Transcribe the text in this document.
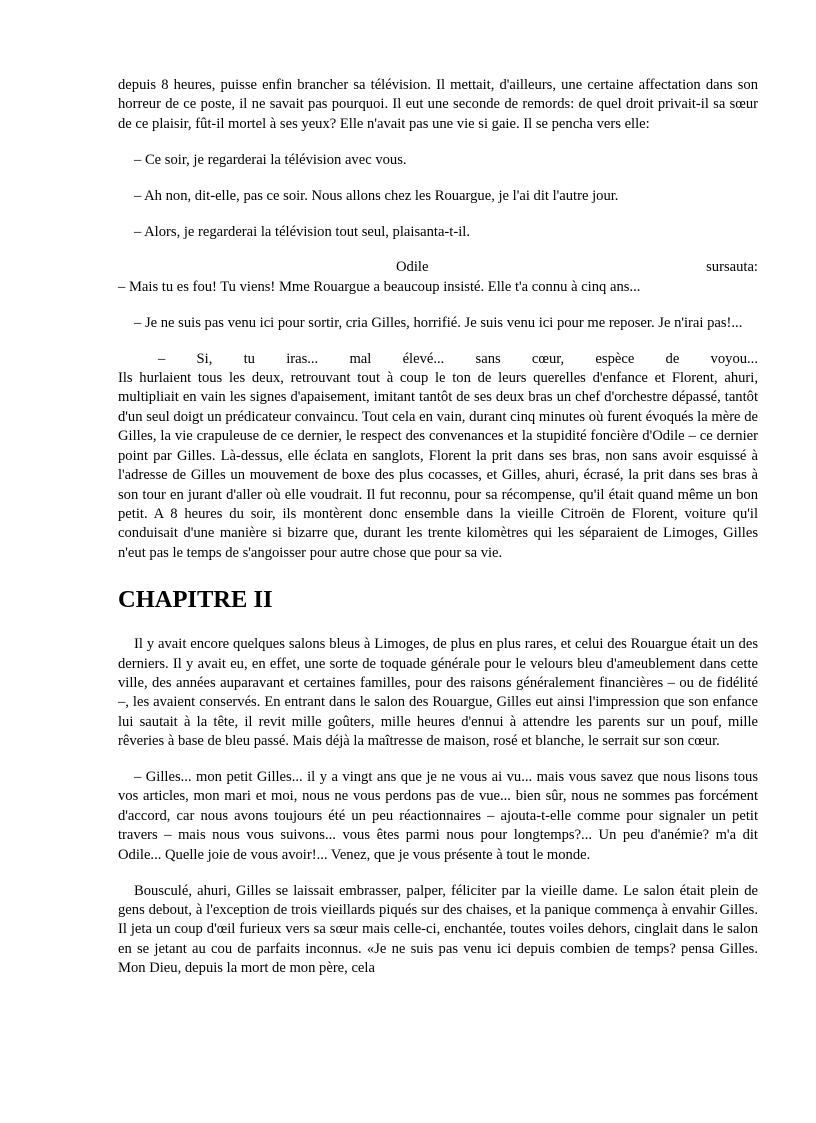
depuis 8 heures, puisse enfin brancher sa télévision. Il mettait, d'ailleurs, une certaine affectation dans son horreur de ce poste, il ne savait pas pourquoi. Il eut une seconde de remords: de quel droit privait-il sa sœur de ce plaisir, fût-il mortel à ses yeux? Elle n'avait pas une vie si gaie. Il se pencha vers elle:

– Ce soir, je regarderai la télévision avec vous.

– Ah non, dit-elle, pas ce soir. Nous allons chez les Rouargue, je l'ai dit l'autre jour.

– Alors, je regarderai la télévision tout seul, plaisanta-t-il.

Odile	sursauta:

– Mais tu es fou! Tu viens! Mme Rouargue a beaucoup insisté. Elle t'a connu à cinq ans...

– Je ne suis pas venu ici pour sortir, cria Gilles, horrifié. Je suis venu ici pour me reposer. Je n'irai pas!...

– Si, tu iras... mal élevé... sans cœur, espèce de voyou...

Ils hurlaient tous les deux, retrouvant tout à coup le ton de leurs querelles d'enfance et Florent, ahuri, multipliait en vain les signes d'apaisement, imitant tantôt de ses deux bras un chef d'orchestre dépassé, tantôt d'un seul doigt un prédicateur convaincu. Tout cela en vain, durant cinq minutes où furent évoqués la mère de Gilles, la vie crapuleuse de ce dernier, le respect des convenances et la stupidité foncière d'Odile – ce dernier point par Gilles. Là-dessus, elle éclata en sanglots, Florent la prit dans ses bras, non sans avoir esquissé à l'adresse de Gilles un mouvement de boxe des plus cocasses, et Gilles, ahuri, écrasé, la prit dans ses bras à son tour en jurant d'aller où elle voudrait. Il fut reconnu, pour sa récompense, qu'il était quand même un bon petit. A 8 heures du soir, ils montèrent donc ensemble dans la vieille Citroën de Florent, voiture qu'il conduisait d'une manière si bizarre que, durant les trente kilomètres qui les séparaient de Limoges, Gilles n'eut pas le temps de s'angoisser pour autre chose que pour sa vie.

CHAPITRE II

Il y avait encore quelques salons bleus à Limoges, de plus en plus rares, et celui des Rouargue était un des derniers. Il y avait eu, en effet, une sorte de toquade générale pour le velours bleu d'ameublement dans cette ville, des années auparavant et certaines familles, pour des raisons généralement financières – ou de fidélité –, les avaient conservés. En entrant dans le salon des Rouargue, Gilles eut ainsi l'impression que son enfance lui sautait à la tête, il revit mille goûters, mille heures d'ennui à attendre les parents sur un pouf, mille rêveries à base de bleu passé. Mais déjà la maîtresse de maison, rosé et blanche, le serrait sur son cœur.

– Gilles... mon petit Gilles... il y a vingt ans que je ne vous ai vu... mais vous savez que nous lisons tous vos articles, mon mari et moi, nous ne vous perdons pas de vue... bien sûr, nous ne sommes pas forcément d'accord, car nous avons toujours été un peu réactionnaires – ajouta-t-elle comme pour signaler un petit travers – mais nous vous suivons... vous êtes parmi nous pour longtemps?... Un peu d'anémie? m'a dit Odile... Quelle joie de vous avoir!... Venez, que je vous présente à tout le monde.

Bousculé, ahuri, Gilles se laissait embrasser, palper, féliciter par la vieille dame. Le salon était plein de gens debout, à l'exception de trois vieillards piqués sur des chaises, et la panique commença à envahir Gilles. Il jeta un coup d'œil furieux vers sa sœur mais celle-ci, enchantée, toutes voiles dehors, cinglait dans le salon en se jetant au cou de parfaits inconnus. «Je ne suis pas venu ici depuis combien de temps? pensa Gilles. Mon Dieu, depuis la mort de mon père, cela
